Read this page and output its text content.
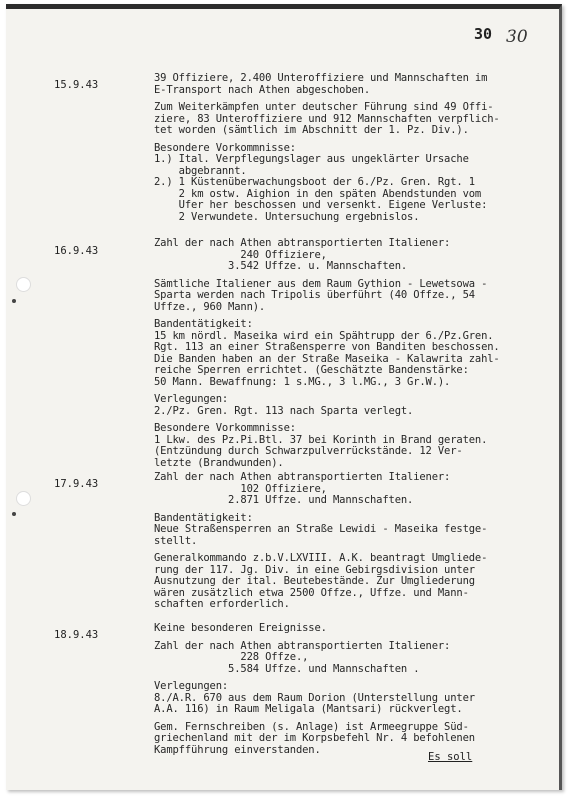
30 30
15.9.43
39 Offiziere, 2.400 Unteroffiziere und Mannschaften im
E-Transport nach Athen abgeschoben.

Zum Weiterkämpfen unter deutscher Führung sind 49 Offi-
ziere, 83 Unteroffiziere und 912 Mannschaften verpflich-
tet worden (sämtlich im Abschnitt der 1. Pz. Div.).

Besondere Vorkommnisse:
1.) Ital. Verpflegungslager aus ungeklärter Ursache
abgebrannt.
2.) 1 Küstenüberwachungsboot der 6./Pz. Gren. Rgt. 1
2 km ostw. Aighion in den späten Abendstunden vom
Ufer her beschossen und versenkt. Eigene Verluste:
2 Verwundete. Untersuchung ergebnislos.
16.9.43
Zahl der nach Athen abtransportierten Italiener:
240 Offiziere,
3.542 Uffze. u. Mannschaften.

Sämtliche Italiener aus dem Raum Gythion - Lewetsowa -
Sparta werden nach Tripolis überführt (40 Offze., 54
Uffze., 960 Mann).

Bandentätigkeit:
15 km nördl. Maseika wird ein Spähtrupp der 6./Pz.Gren.
Rgt. 113 an einer Straßensperre von Banditen beschossen.
Die Banden haben an der Straße Maseika - Kalawrita zahl-
reiche Sperren errichtet. (Geschätzte Bandenstärke:
50 Mann. Bewaffnung: 1 s.MG., 3 l.MG., 3 Gr.W.).

Verlegungen:
2./Pz. Gren. Rgt. 113 nach Sparta verlegt.

Besondere Vorkommnisse:
1 Lkw. des Pz.Pi.Btl. 37 bei Korinth in Brand geraten.
(Entzündung durch Schwarzpulverrückstände. 12 Ver-
letzte (Brandwunden).
17.9.43
Zahl der nach Athen abtransportierten Italiener:
102 Offiziere,
2.871 Uffze. und Mannschaften.

Bandentätigkeit:
Neue Straßensperren an Straße Lewidi - Maseika festge-
stellt.

Generalkommando z.b.V.LXVIII. A.K. beantragt Umgliede-
rung der 117. Jg. Div. in eine Gebirgsdivision unter
Ausnutzung der ital. Beutebestände. Zur Umgliederung
wären zusätzlich etwa 2500 Offze., Uffze. und Mann-
schaften erforderlich.
18.9.43
Keine besonderen Ereignisse.

Zahl der nach Athen abtransportierten Italiener:
228 Offze.,
5.584 Uffze. und Mannschaften .

Verlegungen:
8./A.R. 670 aus dem Raum Dorion (Unterstellung unter
A.A. 116) in Raum Meligala (Mantsari) rückverlegt.

Gem. Fernschreiben (s. Anlage) ist Armeegruppe Süd-
griechenland mit der im Korpsbefehl Nr. 4 befohlenen
Kampfführung einverstanden.
Es soll
